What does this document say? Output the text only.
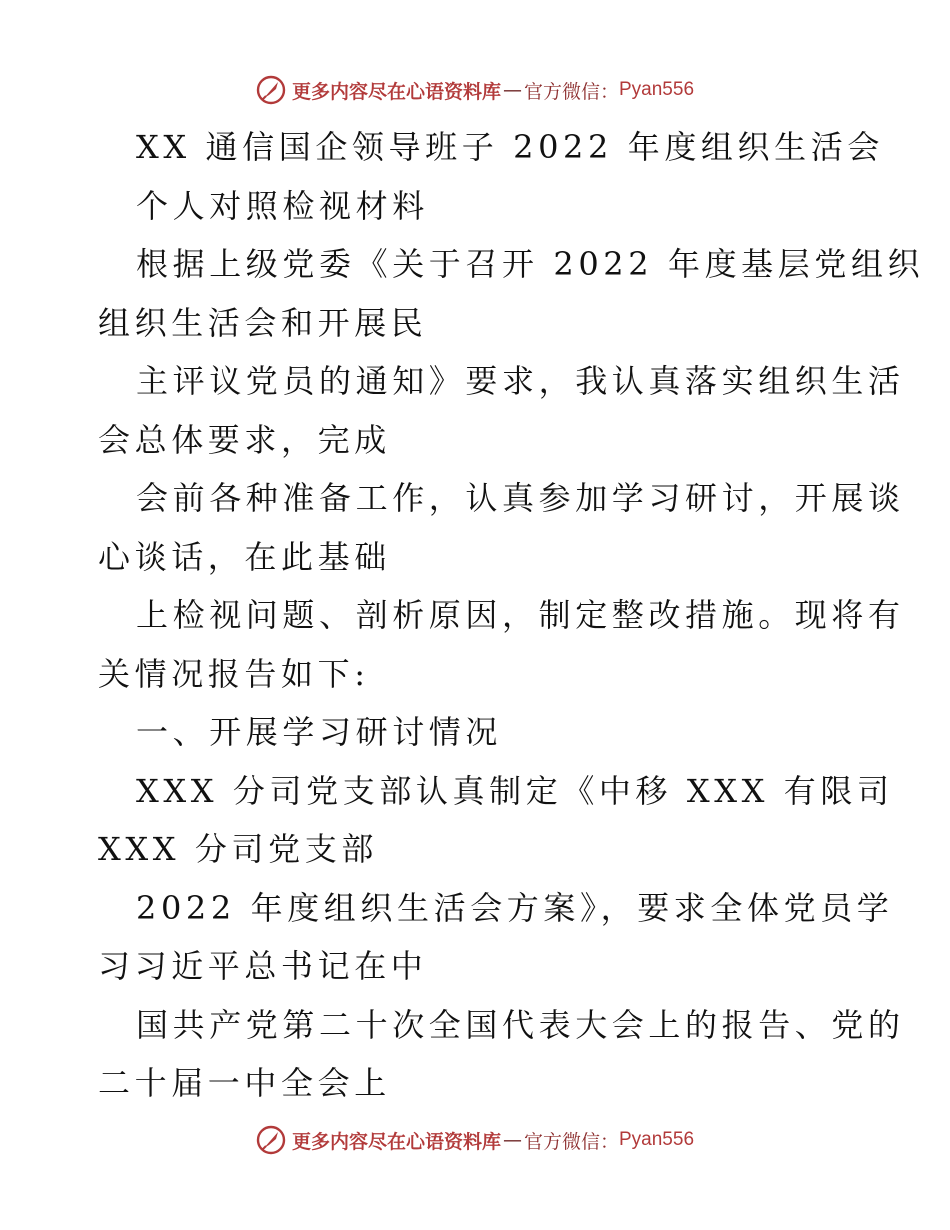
更多内容尽在心语资料库 — 官方微信： Pyan556
XX 通信国企领导班子 2022 年度组织生活会
个人对照检视材料
根据上级党委《关于召开 2022 年度基层党组织
组织生活会和开展民
主评议党员的通知》要求，我认真落实组织生活
会总体要求，完成
会前各种准备工作，认真参加学习研讨，开展谈
心谈话，在此基础
上检视问题、剖析原因，制定整改措施。现将有
关情况报告如下:
一、开展学习研讨情况
XXX 分司党支部认真制定《中移 XXX 有限司
XXX 分司党支部
2022 年度组织生活会方案》，要求全体党员学
习习近平总书记在中
国共产党第二十次全国代表大会上的报告、党的
二十届一中全会上
更多内容尽在心语资料库 — 官方微信： Pyan556
